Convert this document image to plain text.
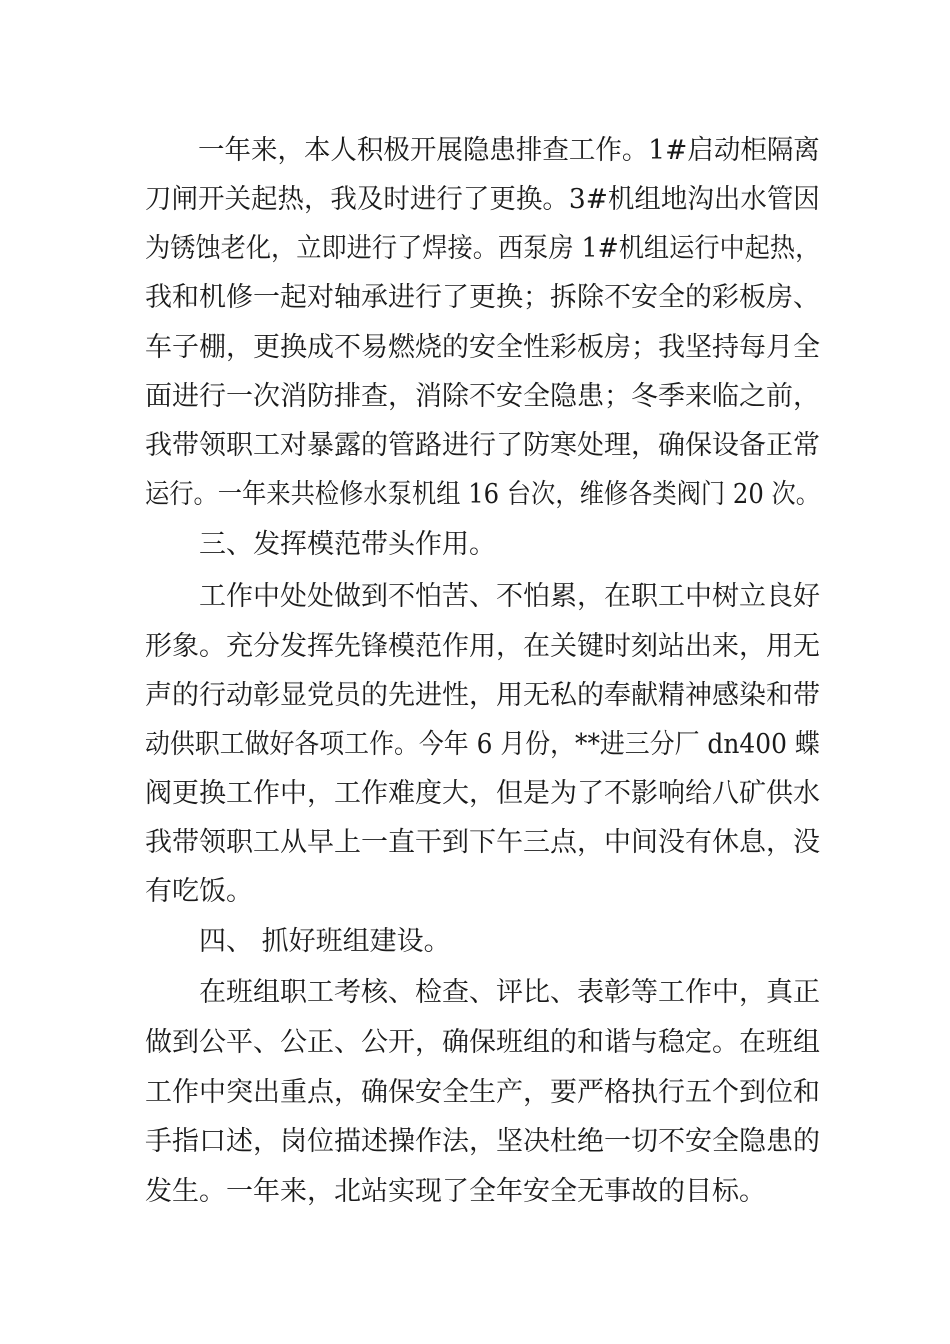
　　一年来，本人积极开展隐患排查工作。1#启动柜隔离
刀闸开关起热，我及时进行了更换。3#机组地沟出水管因
为锈蚀老化，立即进行了焊接。西泵房 1#机组运行中起热，
我和机修一起对轴承进行了更换；拆除不安全的彩板房、
车子棚，更换成不易燃烧的安全性彩板房；我坚持每月全
面进行一次消防排查，消除不安全隐患；冬季来临之前，
我带领职工对暴露的管路进行了防寒处理，确保设备正常
运行。一年来共检修水泵机组 16 台次，维修各类阀门 20 次。
　　三、发挥模范带头作用。
　　工作中处处做到不怕苦、不怕累，在职工中树立良好
形象。充分发挥先锋模范作用，在关键时刻站出来，用无
声的行动彰显党员的先进性，用无私的奉献精神感染和带
动供职工做好各项工作。今年 6 月份，**进三分厂 dn400 蝶
阀更换工作中，工作难度大，但是为了不影响给八矿供水
我带领职工从早上一直干到下午三点，中间没有休息，没
有吃饭。
　　四、 抓好班组建设。
　　在班组职工考核、检查、评比、表彰等工作中，真正
做到公平、公正、公开，确保班组的和谐与稳定。在班组
工作中突出重点，确保安全生产，要严格执行五个到位和
手指口述，岗位描述操作法，坚决杜绝一切不安全隐患的
发生。一年来，北站实现了全年安全无事故的目标。
